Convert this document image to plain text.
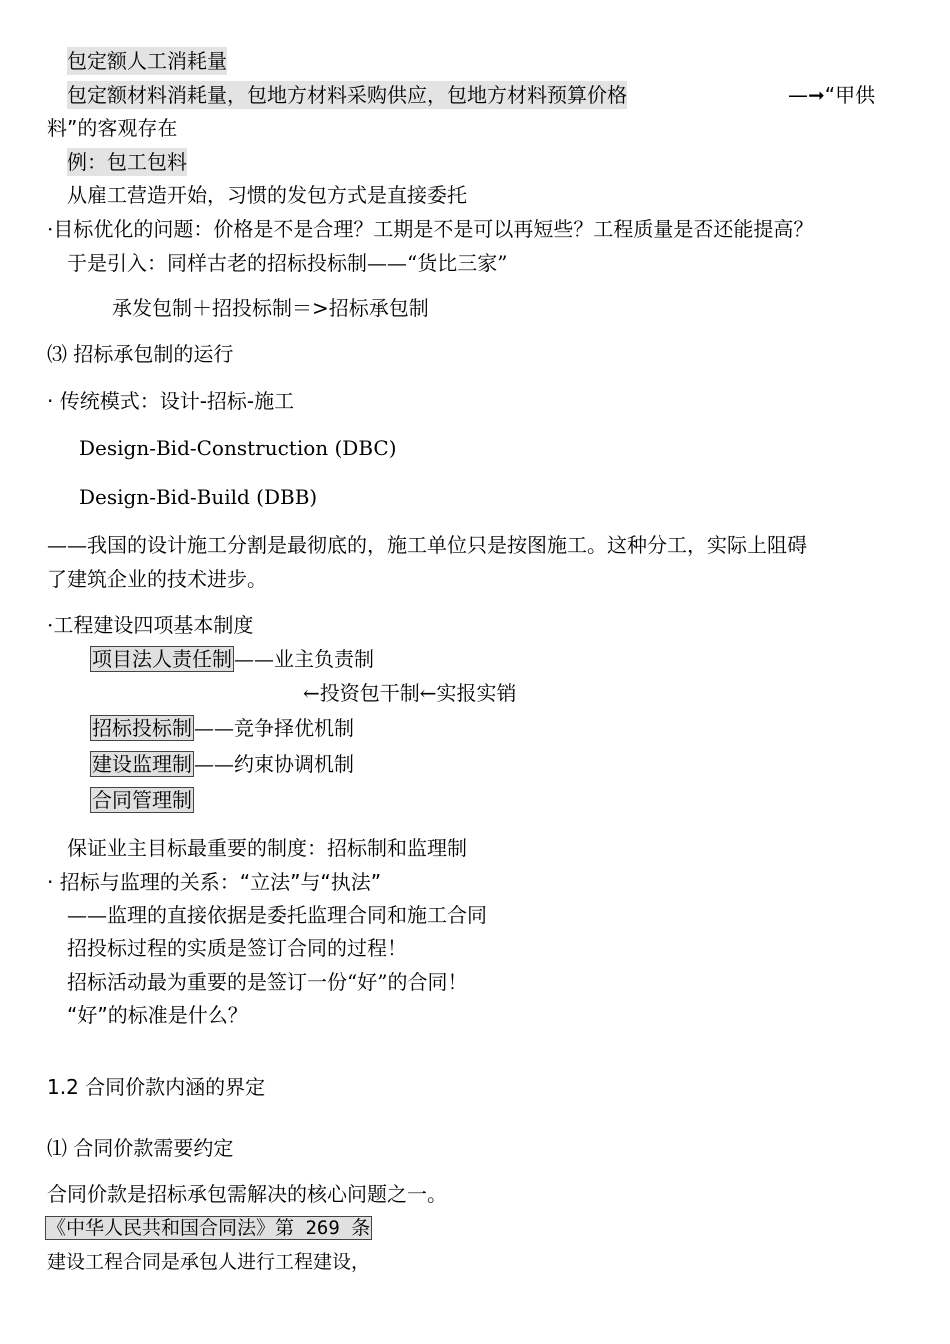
包定额人工消耗量
包定额材料消耗量，包地方材料采购供应，包地方材料预算价格	—➞“甲供
料”的客观存在
例：包工包料
从雇工营造开始，习惯的发包方式是直接委托
·目标优化的问题：价格是不是合理？工期是不是可以再短些？工程质量是否还能提高？
于是引入：同样古老的招标投标制——“货比三家”
承发包制＋招投标制＝>招标承包制
⑶ 招标承包制的运行
· 传统模式：设计-招标-施工
Design-Bid-Construction (DBC)
Design-Bid-Build (DBB)
——我国的设计施工分割是最彻底的，施工单位只是按图施工。这种分工，实际上阻碍
了建筑企业的技术进步。
·工程建设四项基本制度
项目法人责任制 ——业主负责制
←投资包干制←实报实销
招标投标制 ——竞争择优机制
建设监理制 ——约束协调机制
合同管理制
保证业主目标最重要的制度：招标制和监理制
· 招标与监理的关系：“立法”与“执法”
——监理的直接依据是委托监理合同和施工合同
招投标过程的实质是签订合同的过程！
招标活动最为重要的是签订一份“好”的合同！
“好”的标准是什么？
1.2 合同价款内涵的界定
⑴ 合同价款需要约定
合同价款是招标承包需解决的核心问题之一。
《中华人民共和国合同法》第 269 条
建设工程合同是承包人进行工程建设，
